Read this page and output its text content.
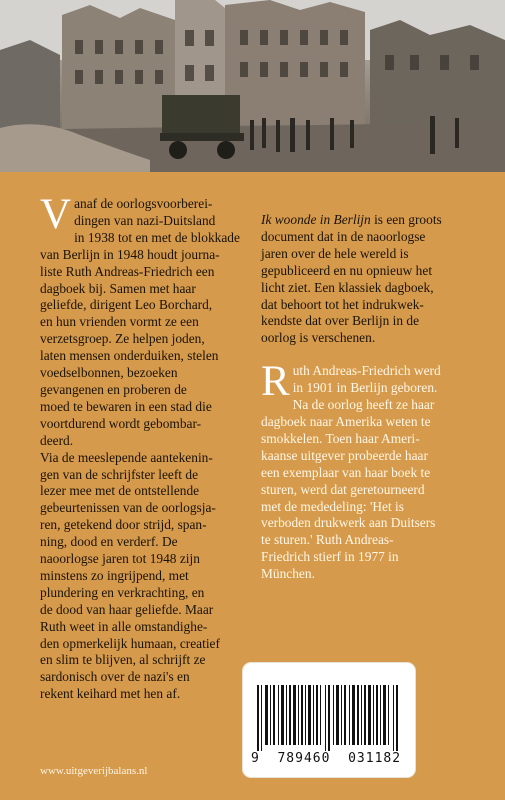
Vanaf de oorlogsvoorberei-
dingen van nazi-Duitsland
in 1938 tot en met de blokkade
van Berlijn in 1948 houdt journa-
liste Ruth Andreas-Friedrich een
dagboek bij. Samen met haar
geliefde, dirigent Leo Borchard,
en hun vrienden vormt ze een
verzetsgroep. Ze helpen joden,
laten mensen onderduiken, stelen
voedselbonnen, bezoeken
gevangenen en proberen de
moed te bewaren in een stad die
voortdurend wordt gebombar-
deerd.
Via de meeslepende aantekenin-
gen van de schrijfster leeft de
lezer mee met de ontstellende
gebeurtenissen van de oorlogsja-
ren, getekend door strijd, span-
ning, dood en verderf. De
naoorlogse jaren tot 1948 zijn
minstens zo ingrijpend, met
plundering en verkrachting, en
de dood van haar geliefde. Maar
Ruth weet in alle omstandighe-
den opmerkelijk humaan, creatief
en slim te blijven, al schrijft ze
sardonisch over de nazi's en
rekent keihard met hen af.

Ik woonde in Berlijn is een groots
document dat in de naoorlogse
jaren over de hele wereld is
gepubliceerd en nu opnieuw het
licht ziet. Een klassiek dagboek,
dat behoort tot het indrukwek-
kendste dat over Berlijn in de
oorlog is verschenen.

Ruth Andreas-Friedrich werd
in 1901 in Berlijn geboren.
Na de oorlog heeft ze haar
dagboek naar Amerika weten te
smokkelen. Toen haar Ameri-
kaanse uitgever probeerde haar
een exemplaar van haar boek te
sturen, werd dat geretourneerd
met de mededeling: 'Het is
verboden drukwerk aan Duitsers
te sturen.' Ruth Andreas-
Friedrich stierf in 1977 in
München.

www.uitgeverijbalans.nl
9  789460  031182
